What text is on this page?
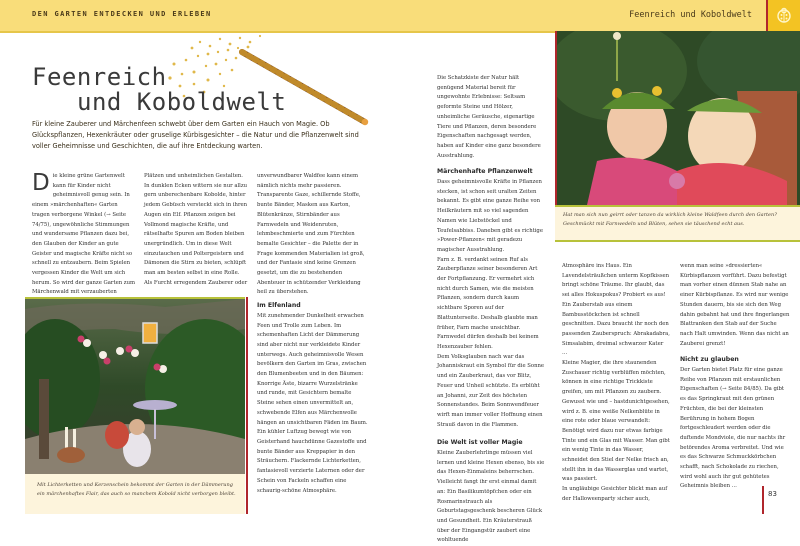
DEN GARTEN ENTDECKEN UND ERLEBEN	Feenreich und Koboldwelt
Feenreich
und Koboldwelt

Für kleine Zauberer und Märchenfeen schwebt über dem Garten ein Hauch von Magie. Ob Glückspflanzen, Hexenkräuter oder gruselige Kürbisgesichter – die Natur und die Pflanzenwelt sind voller Geheimnisse und Geschichten, die auf ihre Entdeckung warten.

D ie kleine grüne Gartenwelt kann für Kinder nicht geheimnisvoll genug sein. In einem »märchenhaften« Garten tragen verborgene Winkel (→ Seite 74/75), ungewöhnliche Stimmungen und wundersame Pflanzen dazu bei, den Glauben der Kinder an gute Geister und magische Kräfte nicht so schnell zu entzaubern. Beim Spielen vergessen Kinder die Welt um sich herum. So wird der ganze Garten zum Märchenwald mit verzauberten

Plätzen und unheimlichen Gestalten. In dunklen Ecken wittern sie nur allzu gern unberechenbare Kobolde, hinter jedem Gebüsch versteckt sich in ihren Augen ein Elf. Pflanzen zeigen bei Vollmond magische Kräfte, und rätselhafte Spuren am Boden bleiben unergründlich. Um in diese Welt einzutauchen und Poltergeistern und Dämonen die Stirn zu bieten, schlüpft man am besten selbst in eine Rolle. Als Furcht erregendem Zauberer oder

unverwundbarer Waldfee kann einem nämlich nichts mehr passieren. Transparente Gaze, schillernde Stoffe, bunte Bänder, Masken aus Karton, Blütenkränze, Stirnbänder aus Farnwedeln und Weidenruten, lehmbeschmierte und zum Fürchten bemalte Gesichter – die Palette der in Frage kommenden Materialien ist groß, und der Fantasie sind keine Grenzen gesetzt, um die zu bestehenden Abenteuer in schützender Verkleidung heil zu überstehen.

Im Elfenland

Mit zunehmender Dunkelheit erwachen Feen und Trolle zum Leben. Im schemenhaften Licht der Dämmerung sind aber nicht nur verkleidete Kinder unterwegs. Auch geheimnisvolle Wesen bevölkern den Garten im Gras, zwischen den Blumenbeeten und in den Bäumen: Knorrige Äste, bizarre Wurzelstränke und runde, mit Gesichtern bemalte Steine sehen einen unvermittelt an, schwebende Elfen aus Märchenwolle hängen an unsichtbaren Fäden im Baum. Ein kühler Luftzug bewegt wie von Geisterhand hauchdünne Gazestoffe und bunte Bänder aus Kreppapier in den Sträuchern. Flackernde Lichterketten, fantasievoll verzierte Laternen oder der Schein von Fackeln schaffen eine schaurig-schöne Atmosphäre.

Mit Lichterketten und Kerzenschein bekommt der Garten in der Dämmerung ein märchenhaftes Flair, das auch so manchem Kobold nicht verborgen bleibt.

Die Schatzkiste der Natur hält genügend Material bereit für ungewohnte Erlebnisse: Seltsam geformte Steine und Hölzer, unheimliche Geräusche, eigenartige Tiere und Pflanzen, deren besondere Eigenschaften nachgesagt werden, haben auf Kinder eine ganz besondere Ausstrahlung.

Märchenhafte Pflanzenwelt

Dass geheimnisvolle Kräfte in Pflanzen stecken, ist schon seit uralten Zeiten bekannt. Es gibt eine ganze Reihe von Heilkräutern mit so viel sagenden Namen wie Liebstöckel und Teufelsabbiss. Daneben gibt es richtige »Power-Pflanzen« mit geradezu magischer Ausstrahlung.

Farn z. B. verdankt seinen Ruf als Zauberpflanze seiner besonderen Art der Fortpflanzung. Er vermehrt sich nicht durch Samen, wie die meisten Pflanzen, sondern durch kaum sichtbare Sporen auf der Blattunterseite. Deshalb glaubte man früher, Farn mache unsichtbar. Farnwedel dürfen deshalb bei keinem Hexenzauber fehlen.

Dem Volksglauben nach war das Johanniskraut ein Symbol für die Sonne und ein Zauberkraut, das vor Blitz, Feuer und Unheil schützte. Es erblüht an Johanni, zur Zeit des höchsten Sonnenstandes. Beim Sonnwendfeuer wirft man immer voller Hoffnung einen Strauß davon in die Flammen.

Die Welt ist voller Magie

Kleine Zauberlehrlinge müssen viel lernen und kleine Hexen ebenso, bis sie das Hexen-Einmaleins beherrschen. Vielleicht fangt ihr erst einmal damit an: Ein Basilikumtöpfchen oder ein Rosmarinstrauch als Geburtstagsgeschenk bescheren Glück und Gesundheit. Ein Kräuterstrauß über der Eingangstür zaubert eine wohltuende

Hat man sich nun geirrt oder tanzen da wirklich kleine Waldfeen durch den Garten? Geschmückt mit Farnwedeln und Blüten, sehen sie täuschend echt aus.

Atmosphäre ins Haus. Ein Lavendelsträußchen unterm Kopfkissen bringt schöne Träume. Ihr glaubt, das sei alles Hokuspokus? Probiert es aus! Ein Zauberstab aus einem Bambusstöckchen ist schnell geschnitten. Dazu braucht ihr noch den passenden Zauberspruch: Abrakadabra, Simsalabim, dreimal schwarzer Kater …

Kleine Magier, die ihre staunenden Zuschauer richtig verblüffen möchten, können in eine richtige Trickkiste greifen, um mit Pflanzen zu zaubern. Gewusst wie und – hastdunichtgesehen, wird z. B. eine weiße Nelkenblüte in eine rote oder blaue verwandelt: Benötigt wird dazu nur etwas farbige Tinte und ein Glas mit Wasser. Man gibt ein wenig Tinte in das Wasser, schneidet den Stiel der Nelke frisch an, stellt ihn in das Wasserglas und wartet, was passiert.

In ungläubige Gesichter blickt man auf der Halloweenparty sicher auch,

wenn man seine »dressierten« Kürbispflanzen vorführt. Dazu befestigt man vorher einen dünnen Stab nahe an einer Kürbispflanze. Es wird nur wenige Stunden dauern, bis sie sich den Weg dahin gebahnt hat und ihre fingerlangen Blattranken den Stab auf der Suche nach Halt umwinden. Wenn das nicht an Zauberei grenzt!

Nicht zu glauben

Der Garten bietet Platz für eine ganze Reihe von Pflanzen mit erstaunlichen Eigenschaften (→ Seite 84/85). Da gibt es das Springkraut mit den grünen Früchten, die bei der kleinsten Berührung in hohem Bogen fortgeschleudert werden oder die duftende Mondviole, die nur nachts ihr betörendes Aroma verbreitet. Und wie es das Schwarze Schmuckkörbchen schafft, nach Schokolade zu riechen, wird wohl auch ihr gut gehütetes Geheimnis bleiben …

83
